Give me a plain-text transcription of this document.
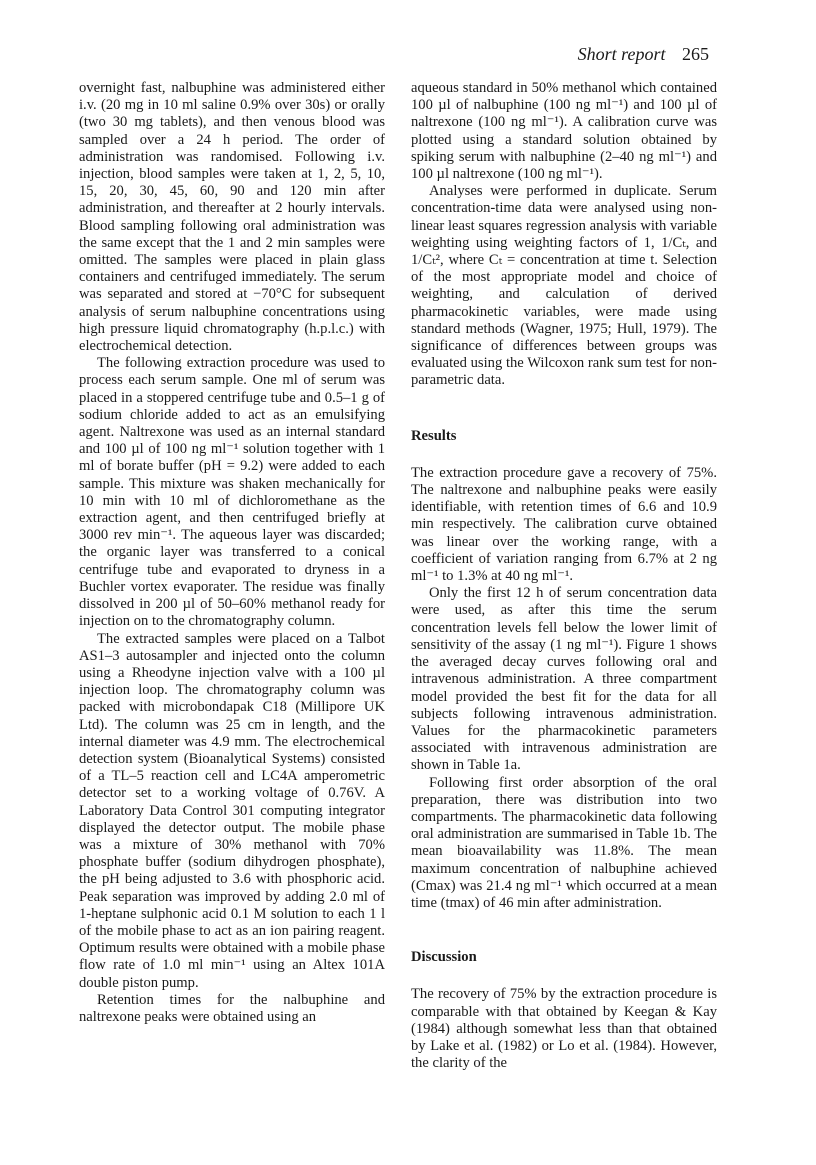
Short report 265

overnight fast, nalbuphine was administered either i.v. (20 mg in 10 ml saline 0.9% over 30s) or orally (two 30 mg tablets), and then venous blood was sampled over a 24 h period. The order of administration was randomised. Following i.v. injection, blood samples were taken at 1, 2, 5, 10, 15, 20, 30, 45, 60, 90 and 120 min after administration, and thereafter at 2 hourly intervals. Blood sampling following oral administration was the same except that the 1 and 2 min samples were omitted. The samples were placed in plain glass containers and centrifuged immediately. The serum was separated and stored at −70°C for subsequent analysis of serum nalbuphine concentrations using high pressure liquid chromatography (h.p.l.c.) with electrochemical detection.

The following extraction procedure was used to process each serum sample. One ml of serum was placed in a stoppered centrifuge tube and 0.5–1 g of sodium chloride added to act as an emulsifying agent. Naltrexone was used as an internal standard and 100 µl of 100 ng ml⁻¹ solution together with 1 ml of borate buffer (pH = 9.2) were added to each sample. This mixture was shaken mechanically for 10 min with 10 ml of dichloromethane as the extraction agent, and then centrifuged briefly at 3000 rev min⁻¹. The aqueous layer was discarded; the organic layer was transferred to a conical centrifuge tube and evaporated to dryness in a Buchler vortex evaporater. The residue was finally dissolved in 200 µl of 50–60% methanol ready for injection on to the chromatography column.

The extracted samples were placed on a Talbot AS1–3 autosampler and injected onto the column using a Rheodyne injection valve with a 100 µl injection loop. The chromatography column was packed with microbondapak C18 (Millipore UK Ltd). The column was 25 cm in length, and the internal diameter was 4.9 mm. The electrochemical detection system (Bioanalytical Systems) consisted of a TL–5 reaction cell and LC4A amperometric detector set to a working voltage of 0.76V. A Laboratory Data Control 301 computing integrator displayed the detector output. The mobile phase was a mixture of 30% methanol with 70% phosphate buffer (sodium dihydrogen phosphate), the pH being adjusted to 3.6 with phosphoric acid. Peak separation was improved by adding 2.0 ml of 1-heptane sulphonic acid 0.1 M solution to each 1 l of the mobile phase to act as an ion pairing reagent. Optimum results were obtained with a mobile phase flow rate of 1.0 ml min⁻¹ using an Altex 101A double piston pump.

Retention times for the nalbuphine and naltrexone peaks were obtained using an

aqueous standard in 50% methanol which contained 100 µl of nalbuphine (100 ng ml⁻¹) and 100 µl of naltrexone (100 ng ml⁻¹). A calibration curve was plotted using a standard solution obtained by spiking serum with nalbuphine (2–40 ng ml⁻¹) and 100 µl naltrexone (100 ng ml⁻¹).

Analyses were performed in duplicate. Serum concentration-time data were analysed using non-linear least squares regression analysis with variable weighting using weighting factors of 1, 1/Cₜ, and 1/Cₜ², where Cₜ = concentration at time t. Selection of the most appropriate model and choice of weighting, and calculation of derived pharmacokinetic variables, were made using standard methods (Wagner, 1975; Hull, 1979). The significance of differences between groups was evaluated using the Wilcoxon rank sum test for non-parametric data.

Results

The extraction procedure gave a recovery of 75%. The naltrexone and nalbuphine peaks were easily identifiable, with retention times of 6.6 and 10.9 min respectively. The calibration curve obtained was linear over the working range, with a coefficient of variation ranging from 6.7% at 2 ng ml⁻¹ to 1.3% at 40 ng ml⁻¹.

Only the first 12 h of serum concentration data were used, as after this time the serum concentration levels fell below the lower limit of sensitivity of the assay (1 ng ml⁻¹). Figure 1 shows the averaged decay curves following oral and intravenous administration. A three compartment model provided the best fit for the data for all subjects following intravenous administration. Values for the pharmacokinetic parameters associated with intravenous administration are shown in Table 1a.

Following first order absorption of the oral preparation, there was distribution into two compartments. The pharmacokinetic data following oral administration are summarised in Table 1b. The mean bioavailability was 11.8%. The mean maximum concentration of nalbuphine achieved (Cmax) was 21.4 ng ml⁻¹ which occurred at a mean time (tmax) of 46 min after administration.

Discussion

The recovery of 75% by the extraction procedure is comparable with that obtained by Keegan & Kay (1984) although somewhat less than that obtained by Lake et al. (1982) or Lo et al. (1984). However, the clarity of the
